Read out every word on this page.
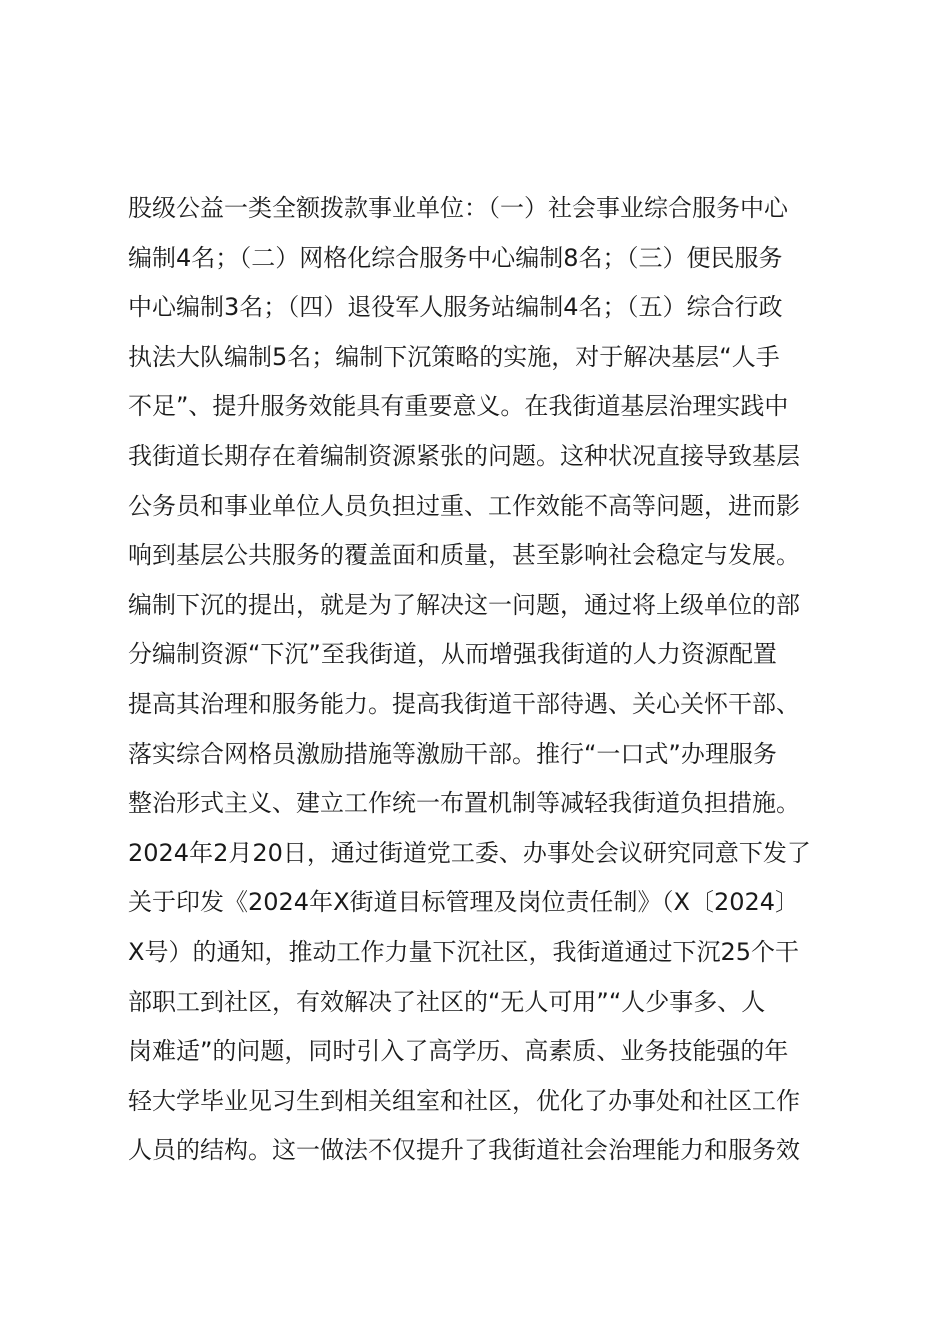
股级公益一类全额拨款事业单位：（一）社会事业综合服务中心
编制4名；（二）网格化综合服务中心编制8名；（三）便民服务
中心编制3名；（四）退役军人服务站编制4名；（五）综合行政
执法大队编制5名；编制下沉策略的实施，对于解决基层“人手
不足”、提升服务效能具有重要意义。在我街道基层治理实践中
我街道长期存在着编制资源紧张的问题。这种状况直接导致基层
公务员和事业单位人员负担过重、工作效能不高等问题，进而影
响到基层公共服务的覆盖面和质量，甚至影响社会稳定与发展。
编制下沉的提出，就是为了解决这一问题，通过将上级单位的部
分编制资源“下沉”至我街道，从而增强我街道的人力资源配置
提高其治理和服务能力。提高我街道干部待遇、关心关怀干部、
落实综合网格员激励措施等激励干部。推行“一口式”办理服务
整治形式主义、建立工作统一布置机制等减轻我街道负担措施。
2024年2月20日，通过街道党工委、办事处会议研究同意下发了
关于印发《2024年X街道目标管理及岗位责任制》（X〔2024〕
X号）的通知，推动工作力量下沉社区，我街道通过下沉25个干
部职工到社区，有效解决了社区的“无人可用”“人少事多、人
岗难适”的问题，同时引入了高学历、高素质、业务技能强的年
轻大学毕业见习生到相关组室和社区，优化了办事处和社区工作
人员的结构。这一做法不仅提升了我街道社会治理能力和服务效
